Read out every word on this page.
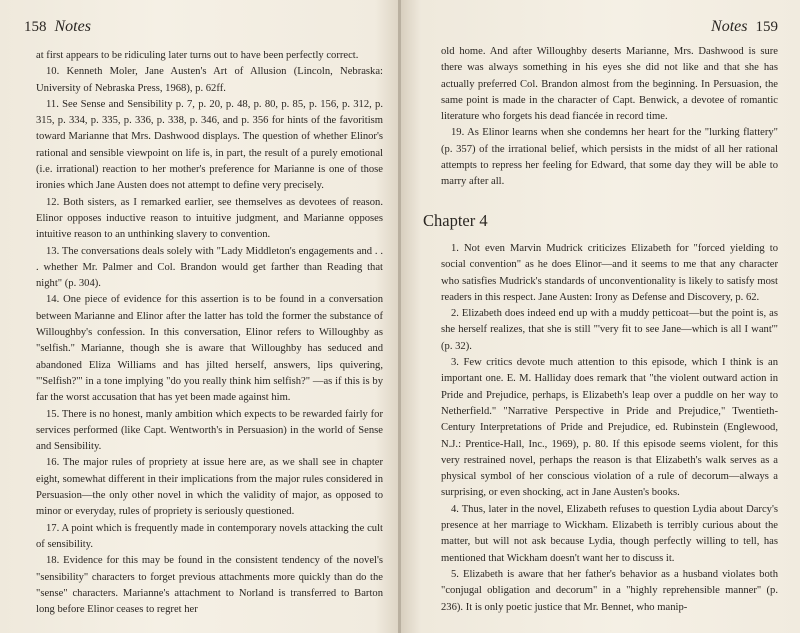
158 Notes

at first appears to be ridiculing later turns out to have been perfectly correct.

10. Kenneth Moler, Jane Austen's Art of Allusion (Lincoln, Nebraska: University of Nebraska Press, 1968), p. 62ff.

11. See Sense and Sensibility p. 7, p. 20, p. 48, p. 80, p. 85, p. 156, p. 312, p. 315, p. 334, p. 335, p. 336, p. 338, p. 346, and p. 356 for hints of the favoritism toward Marianne that Mrs. Dashwood displays. The question of whether Elinor's rational and sensible viewpoint on life is, in part, the result of a purely emotional (i.e. irrational) reaction to her mother's preference for Marianne is one of those ironies which Jane Austen does not attempt to define very precisely.

12. Both sisters, as I remarked earlier, see themselves as devotees of reason. Elinor opposes inductive reason to intuitive judgment, and Marianne opposes intuitive reason to an unthinking slavery to convention.

13. The conversations deals solely with "Lady Middleton's engagements and . . . whether Mr. Palmer and Col. Brandon would get farther than Reading that night" (p. 304).

14. One piece of evidence for this assertion is to be found in a conversation between Marianne and Elinor after the latter has told the former the substance of Willoughby's confession. In this conversation, Elinor refers to Willoughby as "selfish." Marianne, though she is aware that Willoughby has seduced and abandoned Eliza Williams and has jilted herself, answers, lips quivering, "'Selfish?'" in a tone implying "do you really think him selfish?" —as if this is by far the worst accusation that has yet been made against him.

15. There is no honest, manly ambition which expects to be rewarded fairly for services performed (like Capt. Wentworth's in Persuasion) in the world of Sense and Sensibility.

16. The major rules of propriety at issue here are, as we shall see in chapter eight, somewhat different in their implications from the major rules considered in Persuasion—the only other novel in which the validity of major, as opposed to minor or everyday, rules of propriety is seriously questioned.

17. A point which is frequently made in contemporary novels attacking the cult of sensibility.

18. Evidence for this may be found in the consistent tendency of the novel's "sensibility" characters to forget previous attachments more quickly than do the "sense" characters. Marianne's attachment to Norland is transferred to Barton long before Elinor ceases to regret her

Notes 159

old home. And after Willoughby deserts Marianne, Mrs. Dashwood is sure there was always something in his eyes she did not like and that she has actually preferred Col. Brandon almost from the beginning. In Persuasion, the same point is made in the character of Capt. Benwick, a devotee of romantic literature who forgets his dead fiancée in record time.

19. As Elinor learns when she condemns her heart for the "lurking flattery" (p. 357) of the irrational belief, which persists in the midst of all her rational attempts to repress her feeling for Edward, that some day they will be able to marry after all.

Chapter 4

1. Not even Marvin Mudrick criticizes Elizabeth for "forced yielding to social convention" as he does Elinor—and it seems to me that any character who satisfies Mudrick's standards of unconventionality is likely to satisfy most readers in this respect. Jane Austen: Irony as Defense and Discovery, p. 62.

2. Elizabeth does indeed end up with a muddy petticoat—but the point is, as she herself realizes, that she is still "'very fit to see Jane—which is all I want'" (p. 32).

3. Few critics devote much attention to this episode, which I think is an important one. E. M. Halliday does remark that "the violent outward action in Pride and Prejudice, perhaps, is Elizabeth's leap over a puddle on her way to Netherfield." "Narrative Perspective in Pride and Prejudice," Twentieth-Century Interpretations of Pride and Prejudice, ed. Rubinstein (Englewood, N.J.: Prentice-Hall, Inc., 1969), p. 80. If this episode seems violent, for this very restrained novel, perhaps the reason is that Elizabeth's walk serves as a physical symbol of her conscious violation of a rule of decorum—always a surprising, or even shocking, act in Jane Austen's books.

4. Thus, later in the novel, Elizabeth refuses to question Lydia about Darcy's presence at her marriage to Wickham. Elizabeth is terribly curious about the matter, but will not ask because Lydia, though perfectly willing to tell, has mentioned that Wickham doesn't want her to discuss it.

5. Elizabeth is aware that her father's behavior as a husband violates both "conjugal obligation and decorum" in a "highly reprehensible manner" (p. 236). It is only poetic justice that Mr. Bennet, who manip-
